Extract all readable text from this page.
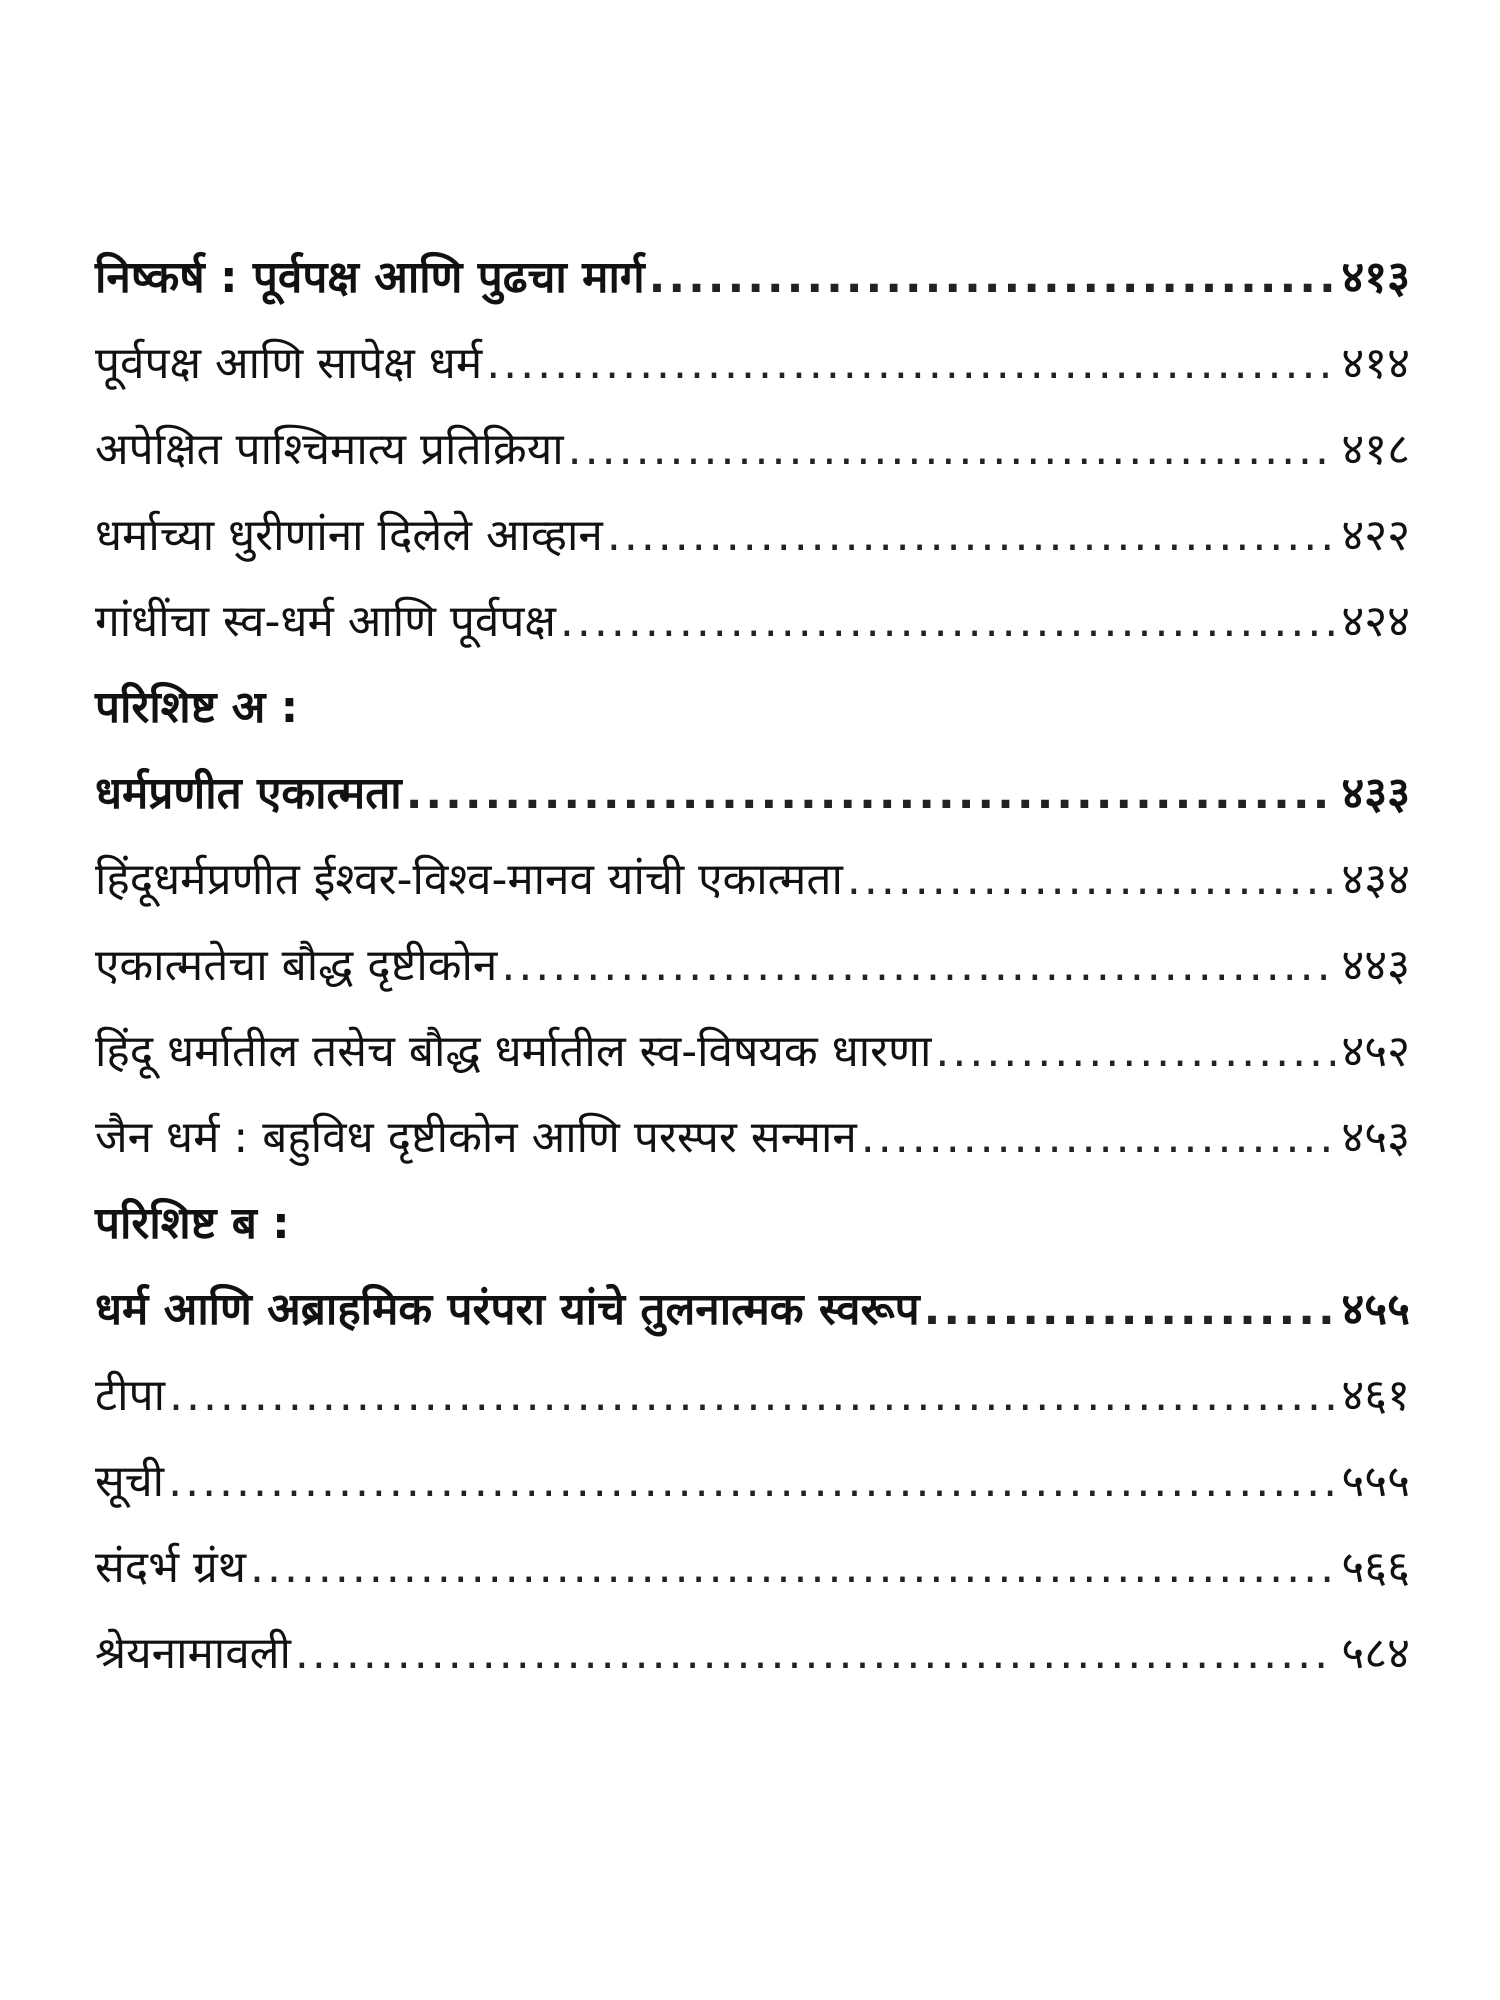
निष्कर्ष : पूर्वपक्ष आणि पुढचा मार्ग .....	४१३
पूर्वपक्ष आणि सापेक्ष धर्म .....	४१४
अपेक्षित पाश्चिमात्य प्रतिक्रिया .....	४१८
धर्माच्या धुरीणांना दिलेले आव्हान .....	४२२
गांधींचा स्व-धर्म आणि पूर्वपक्ष .....	४२४
परिशिष्ट अ :
धर्मप्रणीत एकात्मता .....	४३३
हिंदूधर्मप्रणीत ईश्वर-विश्व-मानव यांची एकात्मता .....	४३४
एकात्मतेचा बौद्ध दृष्टीकोन .....	४४३
हिंदू धर्मातील तसेच बौद्ध धर्मातील स्व-विषयक धारणा .....	४५२
जैन धर्म : बहुविध दृष्टीकोन आणि परस्पर सन्मान .....	४५३
परिशिष्ट ब :
धर्म आणि अब्राहमिक परंपरा यांचे तुलनात्मक स्वरूप .....	४५५
टीपा .....	४६१
सूची .....	५५५
संदर्भ ग्रंथ .....	५६६
श्रेयनामावली .....	५८४
